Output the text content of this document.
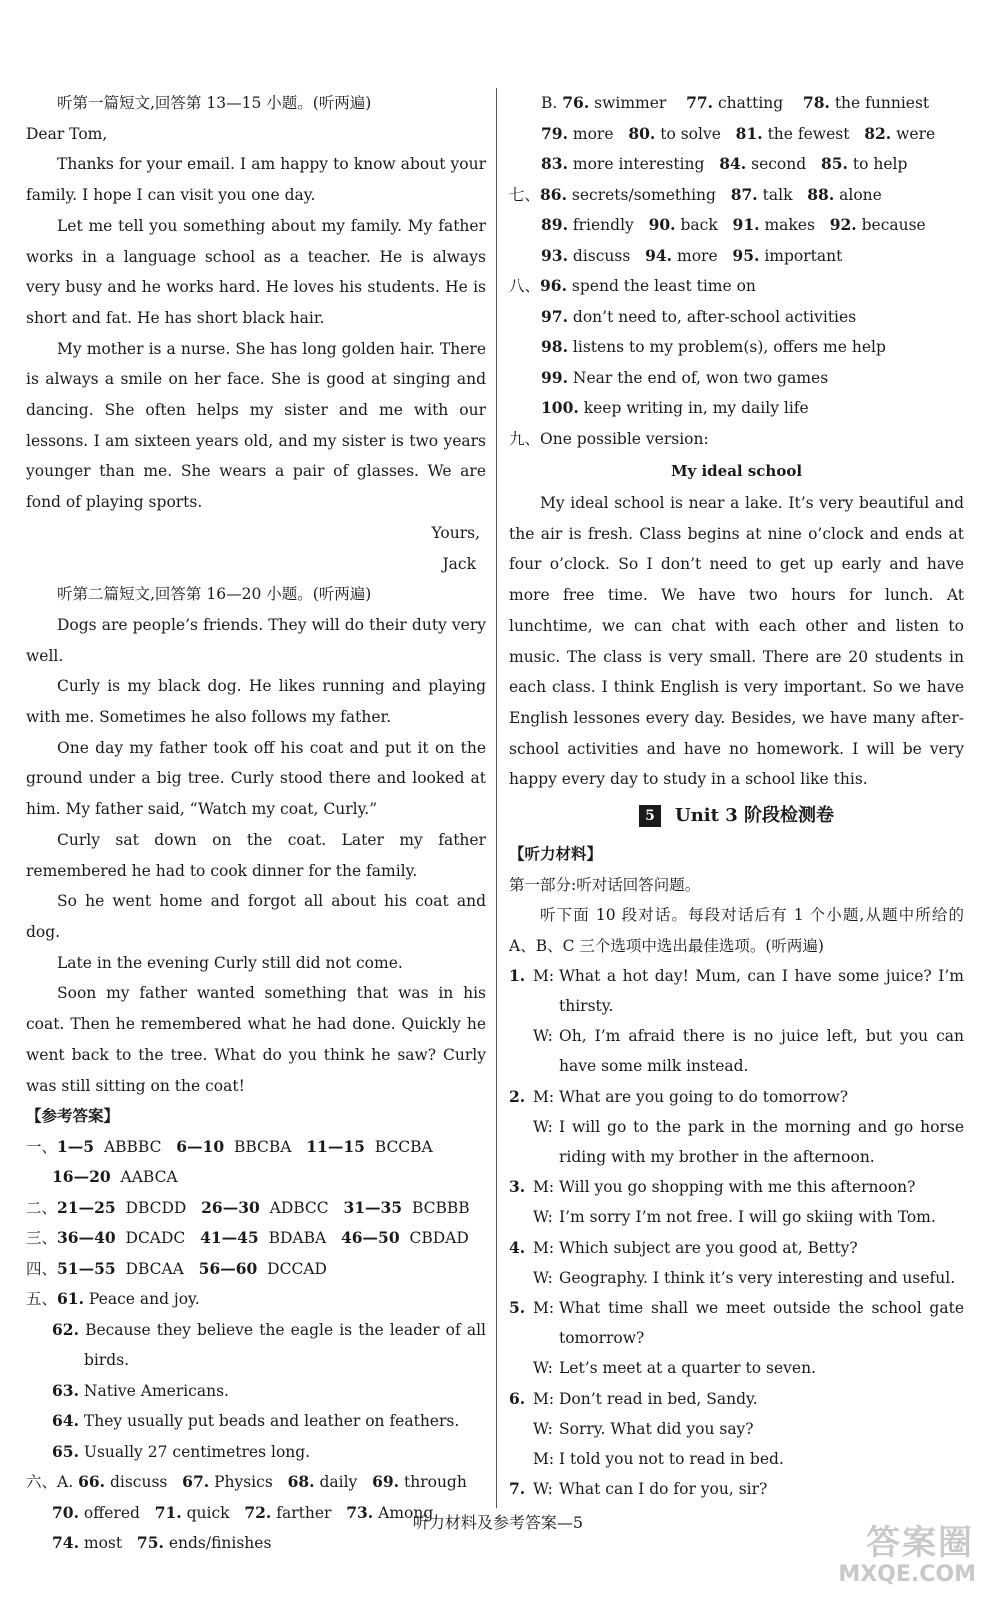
听第一篇短文,回答第 13—15 小题。(听两遍)

Dear Tom,

Thanks for your email. I am happy to know about your family. I hope I can visit you one day.

Let me tell you something about my family. My father works in a language school as a teacher. He is always very busy and he works hard. He loves his students. He is short and fat. He has short black hair.

My mother is a nurse. She has long golden hair. There is always a smile on her face. She is good at singing and dancing. She often helps my sister and me with our lessons. I am sixteen years old, and my sister is two years younger than me. She wears a pair of glasses. We are fond of playing sports.

Yours,

Jack

听第二篇短文,回答第 16—20 小题。(听两遍)

Dogs are people’s friends. They will do their duty very well.

Curly is my black dog. He likes running and playing with me. Sometimes he also follows my father.

One day my father took off his coat and put it on the ground under a big tree. Curly stood there and looked at him. My father said, “Watch my coat, Curly.”

Curly sat down on the coat. Later my father remembered he had to cook dinner for the family.

So he went home and forgot all about his coat and dog.

Late in the evening Curly still did not come.

Soon my father wanted something that was in his coat. Then he remembered what he had done. Quickly he went back to the tree. What do you think he saw? Curly was still sitting on the coat!

【参考答案】

一、1—5 ABBBC 6—10 BBCBA 11—15 BCCBA
16—20 AABCA
二、21—25 DBCDD 26—30 ADBCC 31—35 BCBBB
三、36—40 DCADC 41—45 BDABA 46—50 CBDAD
四、51—55 DBCAA 56—60 DCCAD
五、61. Peace and joy.
62. Because they believe the eagle is the leader of all birds.
63. Native Americans.
64. They usually put beads and leather on feathers.
65. Usually 27 centimetres long.
六、A. 66. discuss 67. Physics 68. daily 69. through
70. offered 71. quick 72. farther 73. Among
74. most 75. ends/finishes
B. 76. swimmer 77. chatting 78. the funniest
79. more 80. to solve 81. the fewest 82. were
83. more interesting 84. second 85. to help
七、86. secrets/something 87. talk 88. alone
89. friendly 90. back 91. makes 92. because
93. discuss 94. more 95. important
八、96. spend the least time on
97. don’t need to, after-school activities
98. listens to my problem(s), offers me help
99. Near the end of, won two games
100. keep writing in, my daily life
九、One possible version:

My ideal school

My ideal school is near a lake. It’s very beautiful and the air is fresh. Class begins at nine o’clock and ends at four o’clock. So I don’t need to get up early and have more free time. We have two hours for lunch. At lunchtime, we can chat with each other and listen to music. The class is very small. There are 20 students in each class. I think English is very important. So we have English lessones every day. Besides, we have many after-school activities and have no homework. I will be very happy every day to study in a school like this.

5	Unit 3 阶段检测卷

【听力材料】

第一部分:听对话回答问题。

听下面 10 段对话。每段对话后有 1 个小题,从题中所给的 A、B、C 三个选项中选出最佳选项。(听两遍)

1. M: What a hot day! Mum, can I have some juice? I’m thirsty.
W: Oh, I’m afraid there is no juice left, but you can have some milk instead.
2. M: What are you going to do tomorrow?
W: I will go to the park in the morning and go horse riding with my brother in the afternoon.
3. M: Will you go shopping with me this afternoon?
W: I’m sorry I’m not free. I will go skiing with Tom.
4. M: Which subject are you good at, Betty?
W: Geography. I think it’s very interesting and useful.
5. M: What time shall we meet outside the school gate tomorrow?
W: Let’s meet at a quarter to seven.
6. M: Don’t read in bed, Sandy.
W: Sorry. What did you say?
M: I told you not to read in bed.
7. W: What can I do for you, sir?
听力材料及参考答案—5
答案圈
MXQE.COM
